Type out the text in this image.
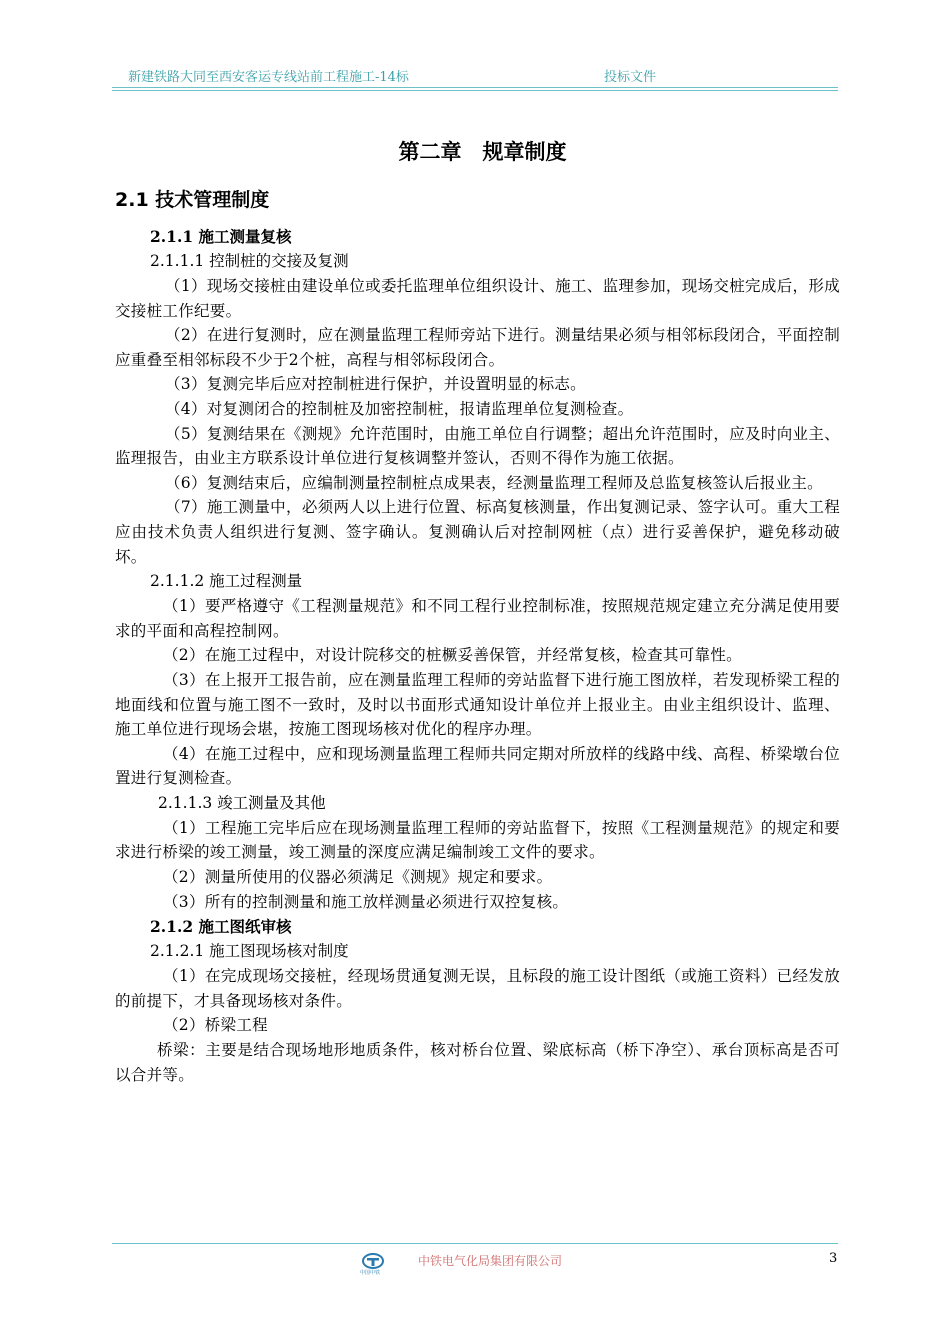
新建铁路大同至西安客运专线站前工程施工-14标	投标文件
第二章　规章制度
2.1 技术管理制度
2.1.1 施工测量复核
2.1.1.1 控制桩的交接及复测

（1）现场交接桩由建设单位或委托监理单位组织设计、施工、监理参加，现场交桩完成后，形成交接桩工作纪要。

（2）在进行复测时，应在测量监理工程师旁站下进行。测量结果必须与相邻标段闭合，平面控制应重叠至相邻标段不少于2个桩，高程与相邻标段闭合。

（3）复测完毕后应对控制桩进行保护，并设置明显的标志。

（4）对复测闭合的控制桩及加密控制桩，报请监理单位复测检查。

（5）复测结果在《测规》允许范围时，由施工单位自行调整；超出允许范围时，应及时向业主、监理报告，由业主方联系设计单位进行复核调整并签认，否则不得作为施工依据。

（6）复测结束后，应编制测量控制桩点成果表，经测量监理工程师及总监复核签认后报业主。

（7）施工测量中，必须两人以上进行位置、标高复核测量，作出复测记录、签字认可。重大工程应由技术负责人组织进行复测、签字确认。复测确认后对控制网桩（点）进行妥善保护，避免移动破坏。

2.1.1.2 施工过程测量

（1）要严格遵守《工程测量规范》和不同工程行业控制标准，按照规范规定建立充分满足使用要求的平面和高程控制网。

（2）在施工过程中，对设计院移交的桩橛妥善保管，并经常复核，检查其可靠性。

（3）在上报开工报告前，应在测量监理工程师的旁站监督下进行施工图放样，若发现桥梁工程的地面线和位置与施工图不一致时，及时以书面形式通知设计单位并上报业主。由业主组织设计、监理、施工单位进行现场会堪，按施工图现场核对优化的程序办理。

（4）在施工过程中，应和现场测量监理工程师共同定期对所放样的线路中线、高程、桥梁墩台位置进行复测检查。

2.1.1.3 竣工测量及其他

（1）工程施工完毕后应在现场测量监理工程师的旁站监督下，按照《工程测量规范》的规定和要求进行桥梁的竣工测量，竣工测量的深度应满足编制竣工文件的要求。

（2）测量所使用的仪器必须满足《测规》规定和要求。

（3）所有的控制测量和施工放样测量必须进行双控复核。

2.1.2 施工图纸审核
2.1.2.1 施工图现场核对制度

（1）在完成现场交接桩，经现场贯通复测无误，且标段的施工设计图纸（或施工资料）已经发放的前提下，才具备现场核对条件。

（2）桥梁工程

桥梁：主要是结合现场地形地质条件，核对桥台位置、梁底标高（桥下净空）、承台顶标高是否可以合并等。

中国中铁
中铁电气化局集团有限公司	3
